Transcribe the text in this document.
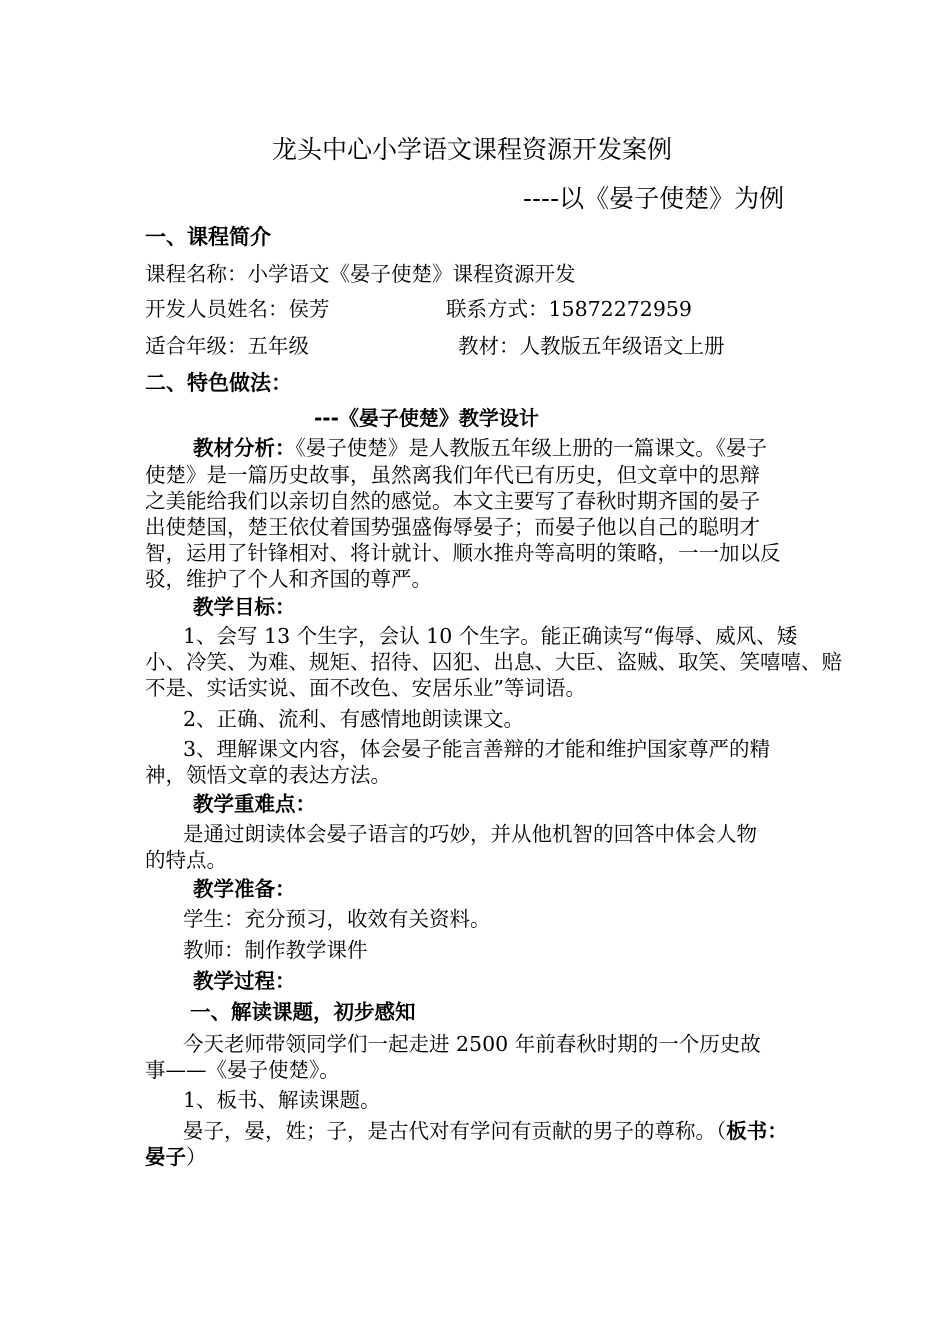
龙头中心小学语文课程资源开发案例
----以《晏子使楚》为例
一、课程简介
课程名称：小学语文《晏子使楚》课程资源开发
开发人员姓名：侯芳	联系方式：15872272959
适合年级：五年级	教材：人教版五年级语文上册
二、特色做法：
---《晏子使楚》教学设计
教材分析：《晏子使楚》是人教版五年级上册的一篇课文。《晏子
使楚》是一篇历史故事，虽然离我们年代已有历史，但文章中的思辩
之美能给我们以亲切自然的感觉。本文主要写了春秋时期齐国的晏子
出使楚国，楚王依仗着国势强盛侮辱晏子；而晏子他以自己的聪明才
智，运用了针锋相对、将计就计、顺水推舟等高明的策略，一一加以反
驳，维护了个人和齐国的尊严。
教学目标：
1、会写 13 个生字，会认 10 个生字。能正确读写“侮辱、威风、矮
小、冷笑、为难、规矩、招待、囚犯、出息、大臣、盗贼、取笑、笑嘻嘻、赔
不是、实话实说、面不改色、安居乐业”等词语。
2、正确、流利、有感情地朗读课文。
3、理解课文内容，体会晏子能言善辩的才能和维护国家尊严的精
神，领悟文章的表达方法。
教学重难点：
是通过朗读体会晏子语言的巧妙，并从他机智的回答中体会人物
的特点。
教学准备：
学生：充分预习，收效有关资料。
教师：制作教学课件
教学过程：
一、解读课题，初步感知
今天老师带领同学们一起走进 2500 年前春秋时期的一个历史故
事——《晏子使楚》。
1、板书、解读课题。
晏子，晏，姓；子，是古代对有学问有贡献的男子的尊称。（板书：
晏子）
